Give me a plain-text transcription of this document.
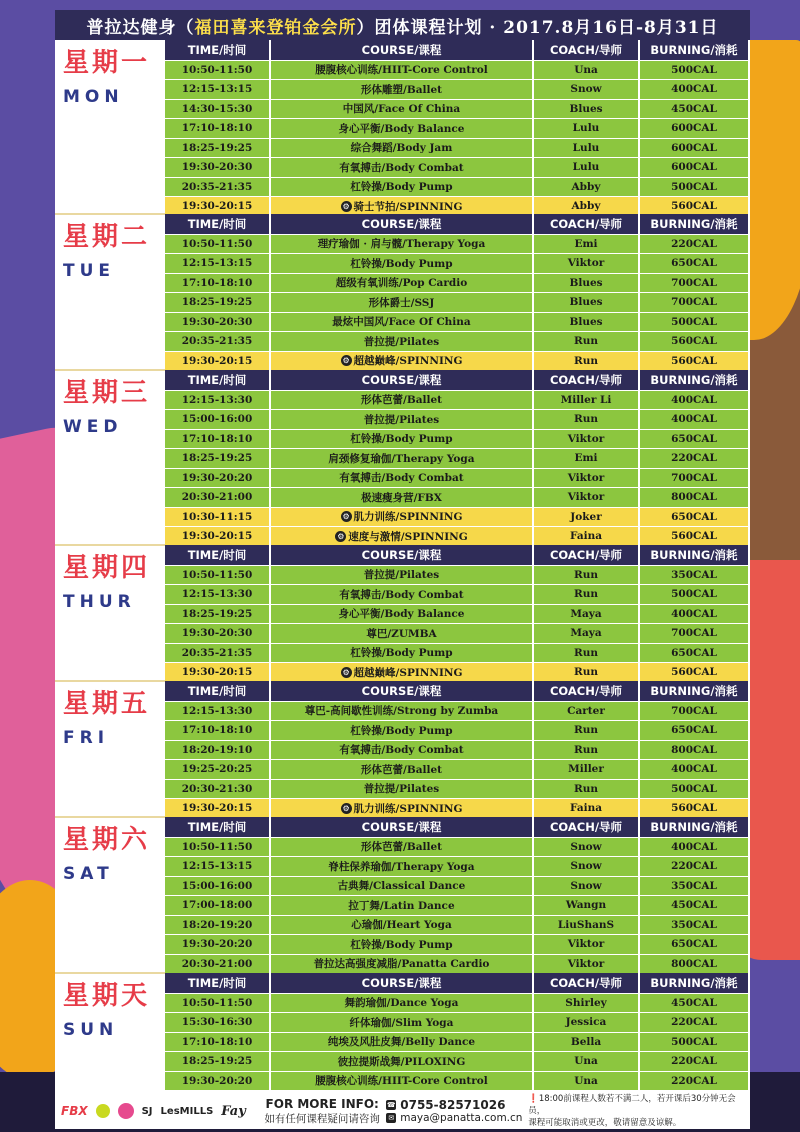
普拉达健身（ 福田喜来登铂金会所 ）团体课程计划 · 2017.8月16日-8月31日
星期一
MON
TIME/时间	COURSE/课程	COACH/导师	BURNING/消耗
10:50-11:50	腰腹核心训练/HIIT-Core Control	Una	500CAL
12:15-13:15	形体雕塑/Ballet	Snow	400CAL
14:30-15:30	中国风/Face Of China	Blues	450CAL
17:10-18:10	身心平衡/Body Balance	Lulu	600CAL
18:25-19:25	综合舞蹈/Body Jam	Lulu	600CAL
19:30-20:30	有氧搏击/Body Combat	Lulu	600CAL
20:35-21:35	杠铃操/Body Pump	Abby	500CAL
19:30-20:15	⚙ 骑士节拍/SPINNING	Abby	560CAL
星期二
TUE
TIME/时间	COURSE/课程	COACH/导师	BURNING/消耗
10:50-11:50	理疗瑜伽 · 肩与髋/Therapy Yoga	Emi	220CAL
12:15-13:15	杠铃操/Body Pump	Viktor	650CAL
17:10-18:10	超级有氧训练/Pop Cardio	Blues	700CAL
18:25-19:25	形体爵士/SSJ	Blues	700CAL
19:30-20:30	最炫中国风/Face Of China	Blues	500CAL
20:35-21:35	普拉提/Pilates	Run	560CAL
19:30-20:15	⚙ 超越巅峰/SPINNING	Run	560CAL
星期三
WED
TIME/时间	COURSE/课程	COACH/导师	BURNING/消耗
12:15-13:30	形体芭蕾/Ballet	Miller Li	400CAL
15:00-16:00	普拉提/Pilates	Run	400CAL
17:10-18:10	杠铃操/Body Pump	Viktor	650CAL
18:25-19:25	肩颈修复瑜伽/Therapy Yoga	Emi	220CAL
19:30-20:20	有氧搏击/Body Combat	Viktor	700CAL
20:30-21:00	极速瘦身营/FBX	Viktor	800CAL
10:30-11:15	⚙ 肌力训练/SPINNING	Joker	650CAL
19:30-20:15	⚙ 速度与激情/SPINNING	Faina	560CAL
星期四
THUR
TIME/时间	COURSE/课程	COACH/导师	BURNING/消耗
10:50-11:50	普拉提/Pilates	Run	350CAL
12:15-13:30	有氧搏击/Body Combat	Run	500CAL
18:25-19:25	身心平衡/Body Balance	Maya	400CAL
19:30-20:30	尊巴/ZUMBA	Maya	700CAL
20:35-21:35	杠铃操/Body Pump	Run	650CAL
19:30-20:15	⚙ 超越巅峰/SPINNING	Run	560CAL
星期五
FRI
TIME/时间	COURSE/课程	COACH/导师	BURNING/消耗
12:15-13:30	尊巴-高间歇性训练/Strong by Zumba	Carter	700CAL
17:10-18:10	杠铃操/Body Pump	Run	650CAL
18:20-19:10	有氧搏击/Body Combat	Run	800CAL
19:25-20:25	形体芭蕾/Ballet	Miller	400CAL
20:30-21:30	普拉提/Pilates	Run	500CAL
19:30-20:15	⚙ 肌力训练/SPINNING	Faina	560CAL
星期六
SAT
TIME/时间	COURSE/课程	COACH/导师	BURNING/消耗
10:50-11:50	形体芭蕾/Ballet	Snow	400CAL
12:15-13:15	脊柱保养瑜伽/Therapy Yoga	Snow	220CAL
15:00-16:00	古典舞/Classical Dance	Snow	350CAL
17:00-18:00	拉丁舞/Latin Dance	Wangn	450CAL
18:20-19:20	心瑜伽/Heart Yoga	LiuShanS	350CAL
19:30-20:20	杠铃操/Body Pump	Viktor	650CAL
20:30-21:00	普拉达高强度减脂/Panatta Cardio	Viktor	800CAL
星期天
SUN
TIME/时间	COURSE/课程	COACH/导师	BURNING/消耗
10:50-11:50	舞韵瑜伽/Dance Yoga	Shirley	450CAL
15:30-16:30	纤体瑜伽/Slim Yoga	Jessica	220CAL
17:10-18:10	纯埃及风肚皮舞/Belly Dance	Bella	500CAL
18:25-19:25	彼拉提斯战舞/PILOXING	Una	220CAL
19:30-20:20	腰腹核心训练/HIIT-Core Control	Una	220CAL
FBX	SJ LesMILLS Fay	FOR MORE INFO:
如有任何课程疑问请咨询
☎ 0755-82571026
✉ maya@panatta.com.cn
❗18:00前课程人数若不满二人，若开课后30分钟无会员，
课程可能取消或更改，敬请留意及谅解。
